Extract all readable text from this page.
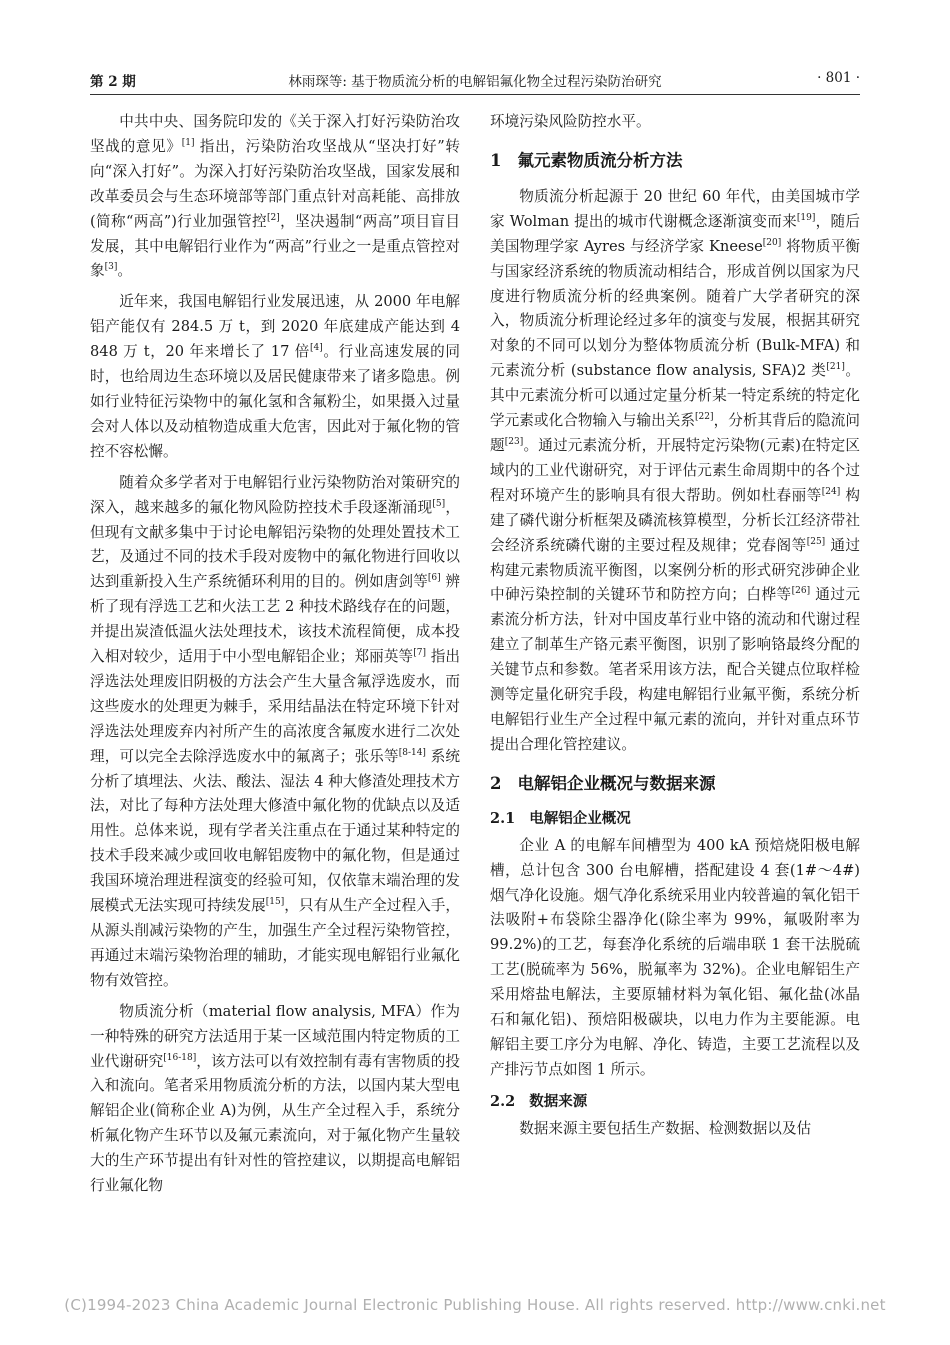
第 2 期	林雨琛等: 基于物质流分析的电解铝氟化物全过程污染防治研究	· 801 ·

中共中央、国务院印发的《关于深入打好污染防治攻坚战的意见》[1] 指出，污染防治攻坚战从“坚决打好”转向“深入打好”。为深入打好污染防治攻坚战，国家发展和改革委员会与生态环境部等部门重点针对高耗能、高排放(简称“两高”)行业加强管控[2]，坚决遏制“两高”项目盲目发展，其中电解铝行业作为“两高”行业之一是重点管控对象[3]。

近年来，我国电解铝行业发展迅速，从 2000 年电解铝产能仅有 284.5 万 t，到 2020 年底建成产能达到 4 848 万 t，20 年来增长了 17 倍[4]。行业高速发展的同时，也给周边生态环境以及居民健康带来了诸多隐患。例如行业特征污染物中的氟化氢和含氟粉尘，如果摄入过量会对人体以及动植物造成重大危害，因此对于氟化物的管控不容松懈。

随着众多学者对于电解铝行业污染物防治对策研究的深入，越来越多的氟化物风险防控技术手段逐渐涌现[5]，但现有文献多集中于讨论电解铝污染物的处理处置技术工艺，及通过不同的技术手段对废物中的氟化物进行回收以达到重新投入生产系统循环利用的目的。例如唐剑等[6] 辨析了现有浮选工艺和火法工艺 2 种技术路线存在的问题，并提出炭渣低温火法处理技术，该技术流程简便，成本投入相对较少，适用于中小型电解铝企业；郑丽英等[7] 指出浮选法处理废旧阴极的方法会产生大量含氟浮选废水，而这些废水的处理更为棘手，采用结晶法在特定环境下针对浮选法处理废弃内衬所产生的高浓度含氟废水进行二次处理，可以完全去除浮选废水中的氟离子；张乐等[8-14] 系统分析了填埋法、火法、酸法、湿法 4 种大修渣处理技术方法，对比了每种方法处理大修渣中氟化物的优缺点以及适用性。总体来说，现有学者关注重点在于通过某种特定的技术手段来减少或回收电解铝废物中的氟化物，但是通过我国环境治理进程演变的经验可知，仅依靠末端治理的发展模式无法实现可持续发展[15]，只有从生产全过程入手，从源头削减污染物的产生，加强生产全过程污染物管控，再通过末端污染物治理的辅助，才能实现电解铝行业氟化物有效管控。

物质流分析（material flow analysis, MFA）作为一种特殊的研究方法适用于某一区域范围内特定物质的工业代谢研究[16-18]，该方法可以有效控制有毒有害物质的投入和流向。笔者采用物质流分析的方法，以国内某大型电解铝企业(简称企业 A)为例，从生产全过程入手，系统分析氟化物产生环节以及氟元素流向，对于氟化物产生量较大的生产环节提出有针对性的管控建议，以期提高电解铝行业氟化物

环境污染风险防控水平。

1 氟元素物质流分析方法

物质流分析起源于 20 世纪 60 年代，由美国城市学家 Wolman 提出的城市代谢概念逐渐演变而来[19]，随后美国物理学家 Ayres 与经济学家 Kneese[20] 将物质平衡与国家经济系统的物质流动相结合，形成首例以国家为尺度进行物质流分析的经典案例。随着广大学者研究的深入，物质流分析理论经过多年的演变与发展，根据其研究对象的不同可以划分为整体物质流分析 (Bulk-MFA) 和元素流分析 (substance flow analysis, SFA)2 类[21]。其中元素流分析可以通过定量分析某一特定系统的特定化学元素或化合物输入与输出关系[22]，分析其背后的隐流问题[23]。通过元素流分析，开展特定污染物(元素)在特定区域内的工业代谢研究，对于评估元素生命周期中的各个过程对环境产生的影响具有很大帮助。例如杜春丽等[24] 构建了磷代谢分析框架及磷流核算模型，分析长江经济带社会经济系统磷代谢的主要过程及规律；党春阁等[25] 通过构建元素物质流平衡图，以案例分析的形式研究涉砷企业中砷污染控制的关键环节和防控方向；白桦等[26] 通过元素流分析方法，针对中国皮革行业中铬的流动和代谢过程建立了制革生产铬元素平衡图，识别了影响铬最终分配的关键节点和参数。笔者采用该方法，配合关键点位取样检测等定量化研究手段，构建电解铝行业氟平衡，系统分析电解铝行业生产全过程中氟元素的流向，并针对重点环节提出合理化管控建议。

2 电解铝企业概况与数据来源
2.1 电解铝企业概况

企业 A 的电解车间槽型为 400 kA 预焙烧阳极电解槽，总计包含 300 台电解槽，搭配建设 4 套(1#～4#)烟气净化设施。烟气净化系统采用业内较普遍的氧化铝干法吸附+布袋除尘器净化(除尘率为 99%，氟吸附率为 99.2%)的工艺，每套净化系统的后端串联 1 套干法脱硫工艺(脱硫率为 56%，脱氟率为 32%)。企业电解铝生产采用熔盐电解法，主要原辅材料为氧化铝、氟化盐(冰晶石和氟化铝)、预焙阳极碳块，以电力作为主要能源。电解铝主要工序分为电解、净化、铸造，主要工艺流程以及产排污节点如图 1 所示。

2.2 数据来源

数据来源主要包括生产数据、检测数据以及估

(C)1994-2023 China Academic Journal Electronic Publishing House. All rights reserved. http://www.cnki.net
